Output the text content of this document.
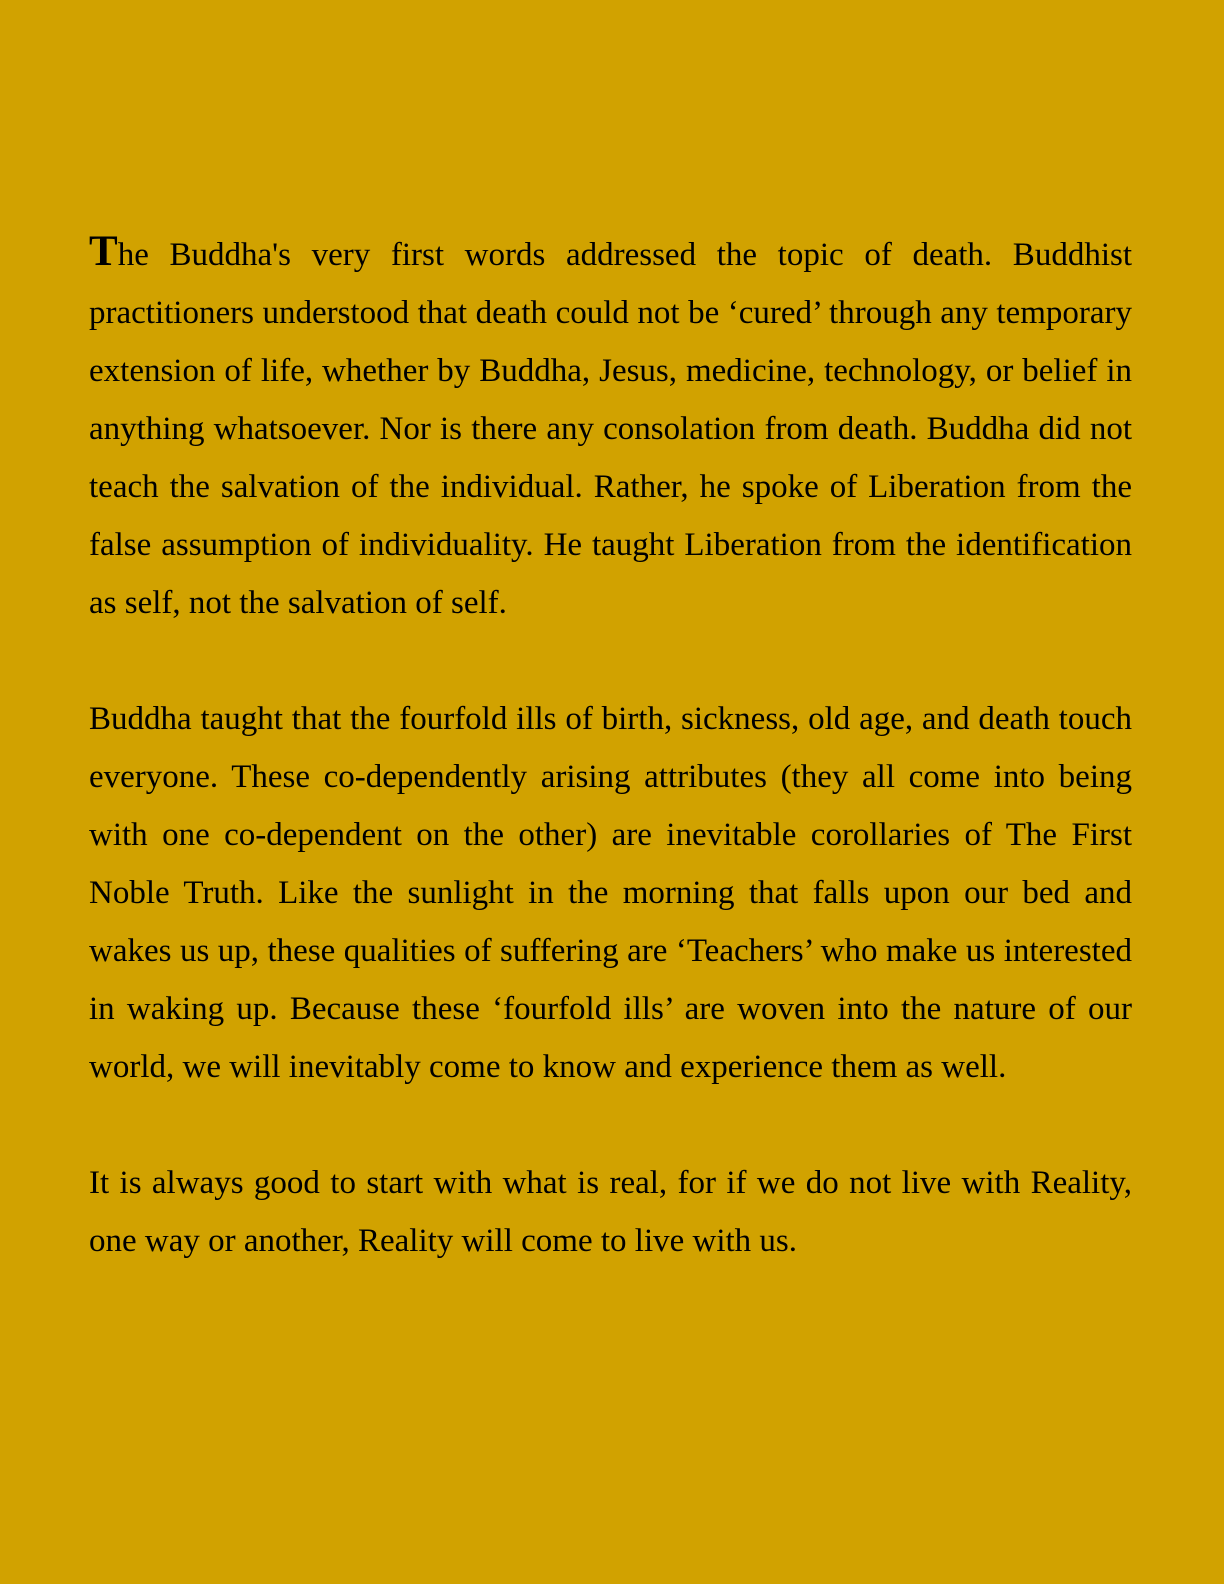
The Buddha's very first words addressed the topic of death. Buddhist practitioners understood that death could not be ‘cured’ through any temporary extension of life, whether by Buddha, Jesus, medicine, technology, or belief in anything whatsoever. Nor is there any consolation from death. Buddha did not teach the salvation of the individual. Rather, he spoke of Liberation from the false assumption of individuality. He taught Liberation from the identification as self, not the salvation of self.

Buddha taught that the fourfold ills of birth, sickness, old age, and death touch everyone. These co-dependently arising attributes (they all come into being with one co-dependent on the other) are inevitable corollaries of The First Noble Truth. Like the sunlight in the morning that falls upon our bed and wakes us up, these qualities of suffering are ‘Teachers’ who make us interested in waking up. Because these ‘fourfold ills’ are woven into the nature of our world, we will inevitably come to know and experience them as well.

It is always good to start with what is real, for if we do not live with Reality, one way or another, Reality will come to live with us.
